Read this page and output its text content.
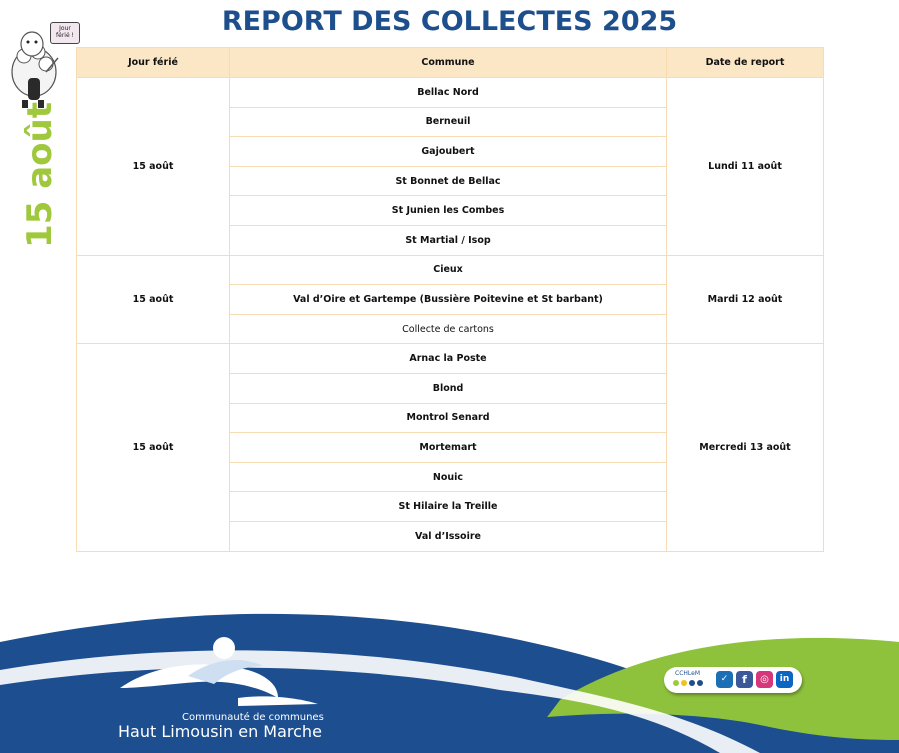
REPORT DES COLLECTES 2025
Jour
férié !
15 août
Jour férié	Commune	Date de report
15 août	Bellac Nord	Lundi 11 août
	Berneuil	
	Gajoubert	
	St Bonnet de Bellac	
	St Junien les Combes	
	St Martial / Isop	
15 août	Cieux	Mardi 12 août
	Val d’Oire et Gartempe (Bussière Poitevine et St barbant)	
	Collecte de cartons	
15 août	Arnac la Poste	Mercredi 13 août
	Blond	
	Montrol Senard	
	Mortemart	
	Nouic	
	St Hilaire la Treille	
	Val d’Issoire	
Communauté de communes
Haut Limousin en Marche
CCHLeM
✓	f	◎	in
